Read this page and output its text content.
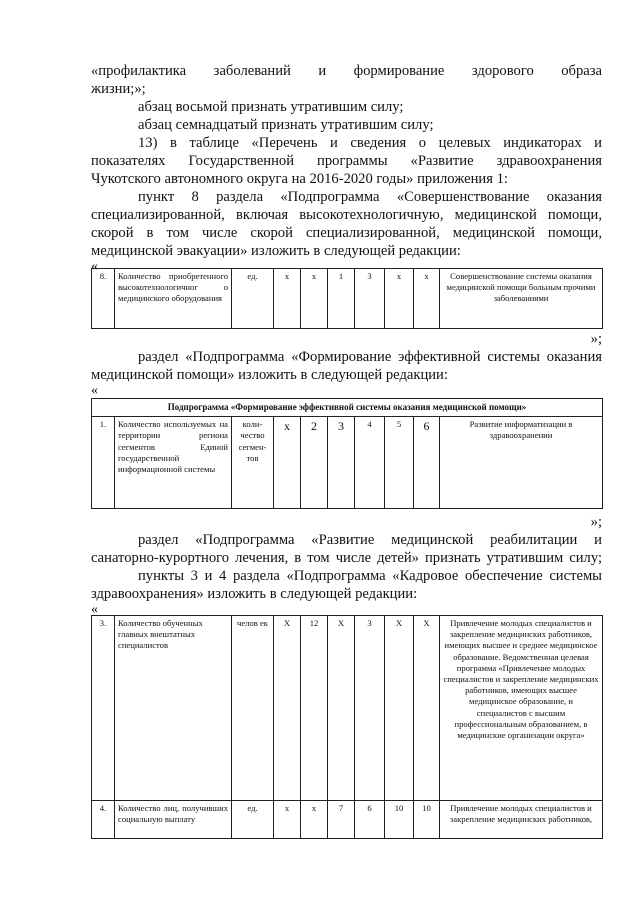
«профилактика заболеваний и формирование здорового образа
жизни;»;
абзац восьмой признать утратившим силу;
абзац семнадцатый признать утратившим силу;
13) в таблице «Перечень и сведения о целевых индикаторах и
показателях Государственной программы «Развитие здравоохранения
Чукотского автономного округа на 2016-2020 годы» приложения 1:
пункт 8 раздела «Подпрограмма «Совершенствование оказания
специализированной, включая высокотехнологичную, медицинской помощи,
скорой в том числе скорой специализированной, медицинской помощи,
медицинской эвакуации» изложить в следующей редакции:
«
8.	Количество приобретенного высокотехнологичног о медицинского оборудования	ед.	х	х	1	3	х	х	Совершенствование системы оказания медицинской помощи больным прочими заболеваниями
»;
раздел «Подпрограмма «Формирование эффективной системы оказания
медицинской помощи» изложить в следующей редакции:
«
Подпрограмма «Формирование эффективной системы оказания медицинской помощи»
1.	Количество используемых на территории региона сегментов Единой государственной информационной системы	коли-чество сегмен-тов	х	2	3	4	5	6	Развитие информатизации в здравоохранении
»;
раздел «Подпрограмма «Развитие медицинской реабилитации и
санаторно-курортного лечения, в том числе детей» признать утратившим силу;
пункты 3 и 4 раздела «Подпрограмма «Кадровое обеспечение системы
здравоохранения» изложить в следующей редакции:
«
3.	Количество обученных главных внештатных специалистов	челов ек	Х	12	Х	3	Х	Х	Привлечение молодых специалистов и закрепление медицинских работников, имеющих высшее и среднее медицинское образование. Ведомственная целевая программа «Привлечение молодых специалистов и закрепление медицинских работников, имеющих высшее медицинское образование, и специалистов с высшим профессиональным образованием, в медицинские организации округа»
4.	Количество лиц, получивших социальную выплату	ед.	х	х	7	6	10	10	Привлечение молодых специалистов и закрепление медицинских работников,
